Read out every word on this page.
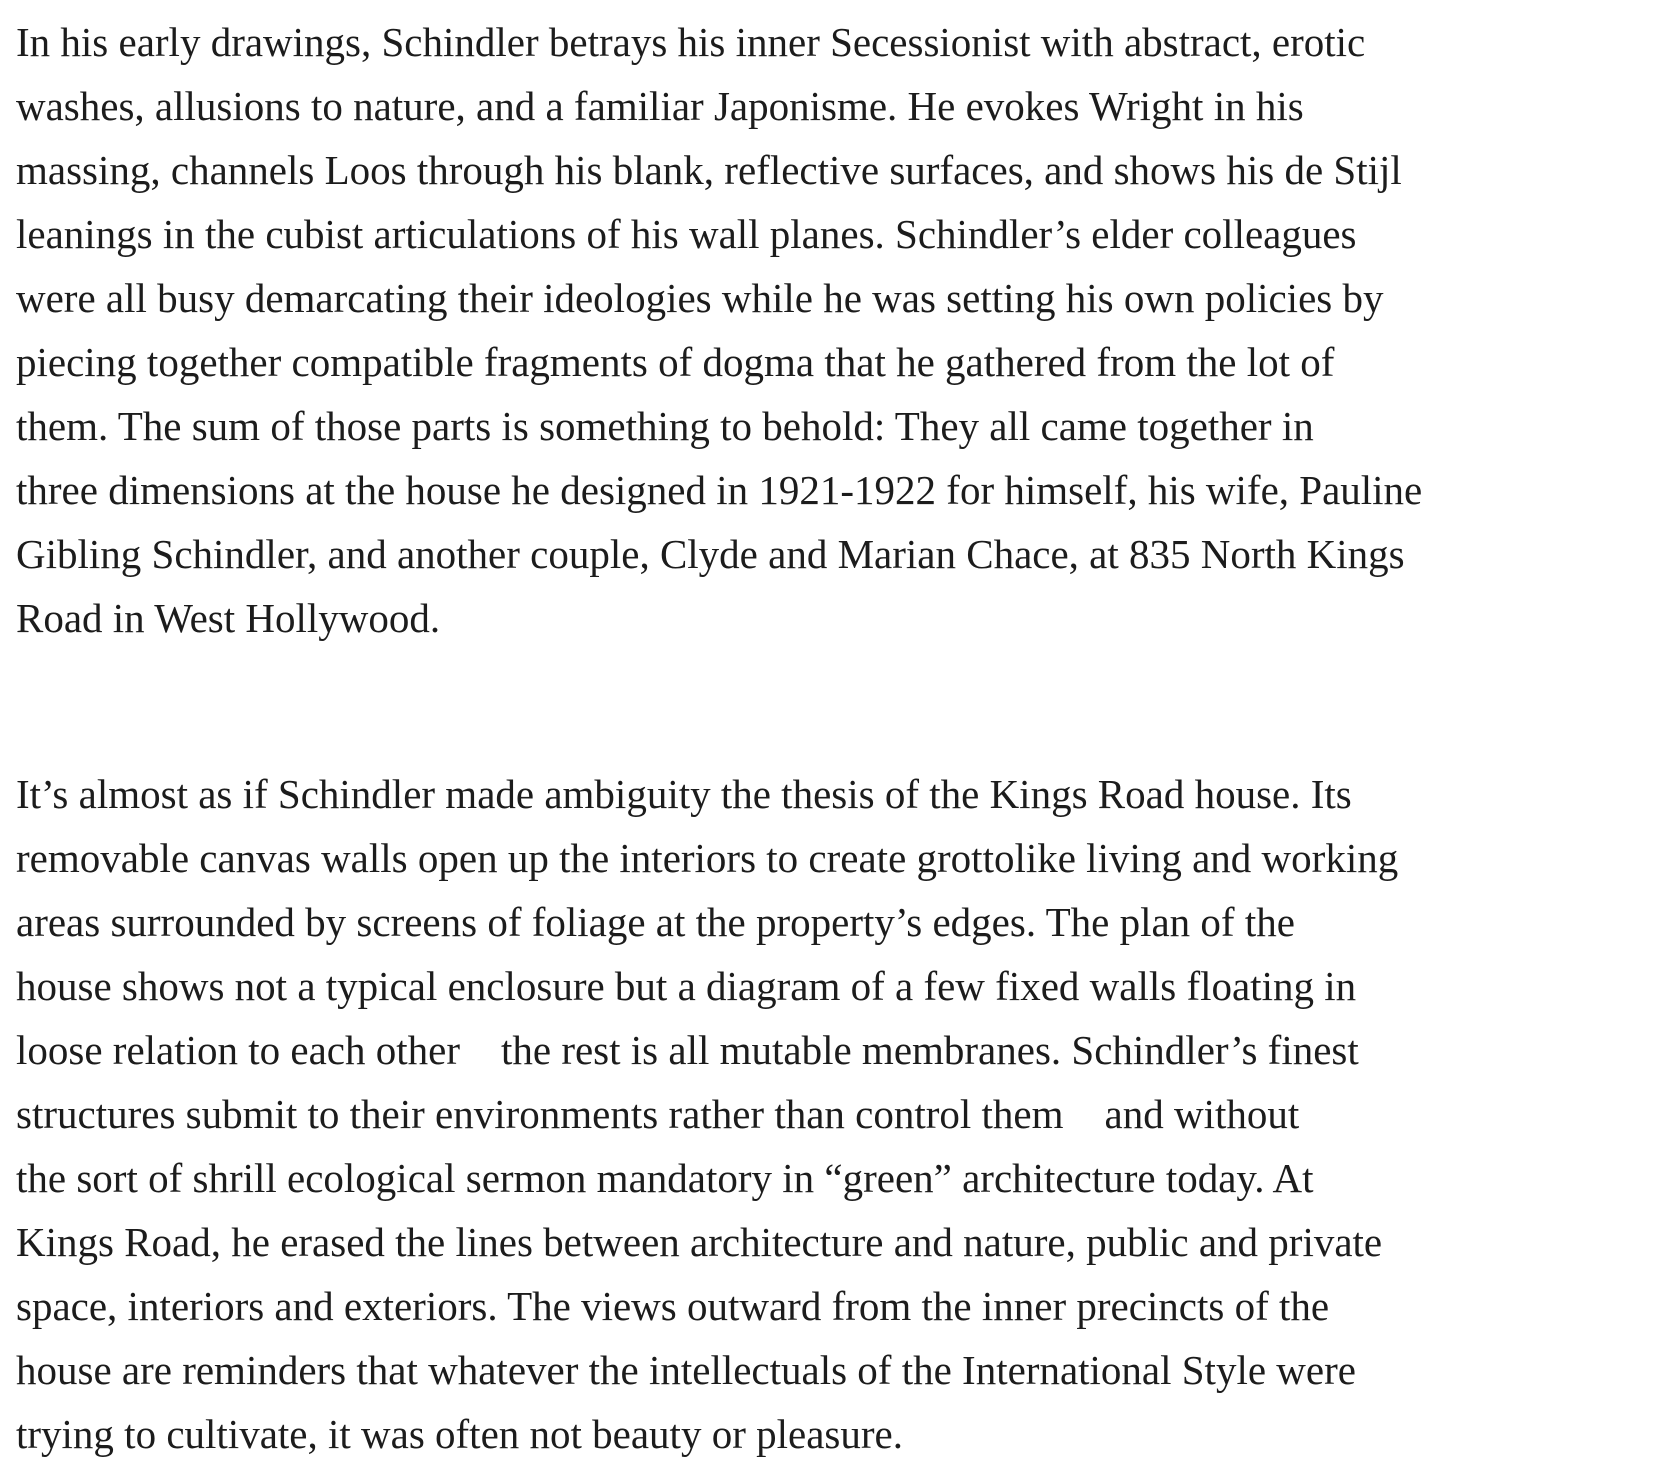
In his early drawings, Schindler betrays his inner Secessionist with abstract, erotic
washes, allusions to nature, and a familiar Japonisme. He evokes Wright in his
massing, channels Loos through his blank, reflective surfaces, and shows his de Stijl
leanings in the cubist articulations of his wall planes. Schindler’s elder colleagues
were all busy demarcating their ideologies while he was setting his own policies by
piecing together compatible fragments of dogma that he gathered from the lot of
them. The sum of those parts is something to behold: They all came together in
three dimensions at the house he designed in 1921-1922 for himself, his wife, Pauline
Gibling Schindler, and another couple, Clyde and Marian Chace, at 835 North Kings
Road in West Hollywood.
It’s almost as if Schindler made ambiguity the thesis of the Kings Road house. Its
removable canvas walls open up the interiors to create grottolike living and working
areas surrounded by screens of foliage at the property’s edges. The plan of the
house shows not a typical enclosure but a diagram of a few fixed walls floating in
loose relation to each other    the rest is all mutable membranes. Schindler’s finest
structures submit to their environments rather than control them    and without
the sort of shrill ecological sermon mandatory in “green” architecture today. At
Kings Road, he erased the lines between architecture and nature, public and private
space, interiors and exteriors. The views outward from the inner precincts of the
house are reminders that whatever the intellectuals of the International Style were
trying to cultivate, it was often not beauty or pleasure.
